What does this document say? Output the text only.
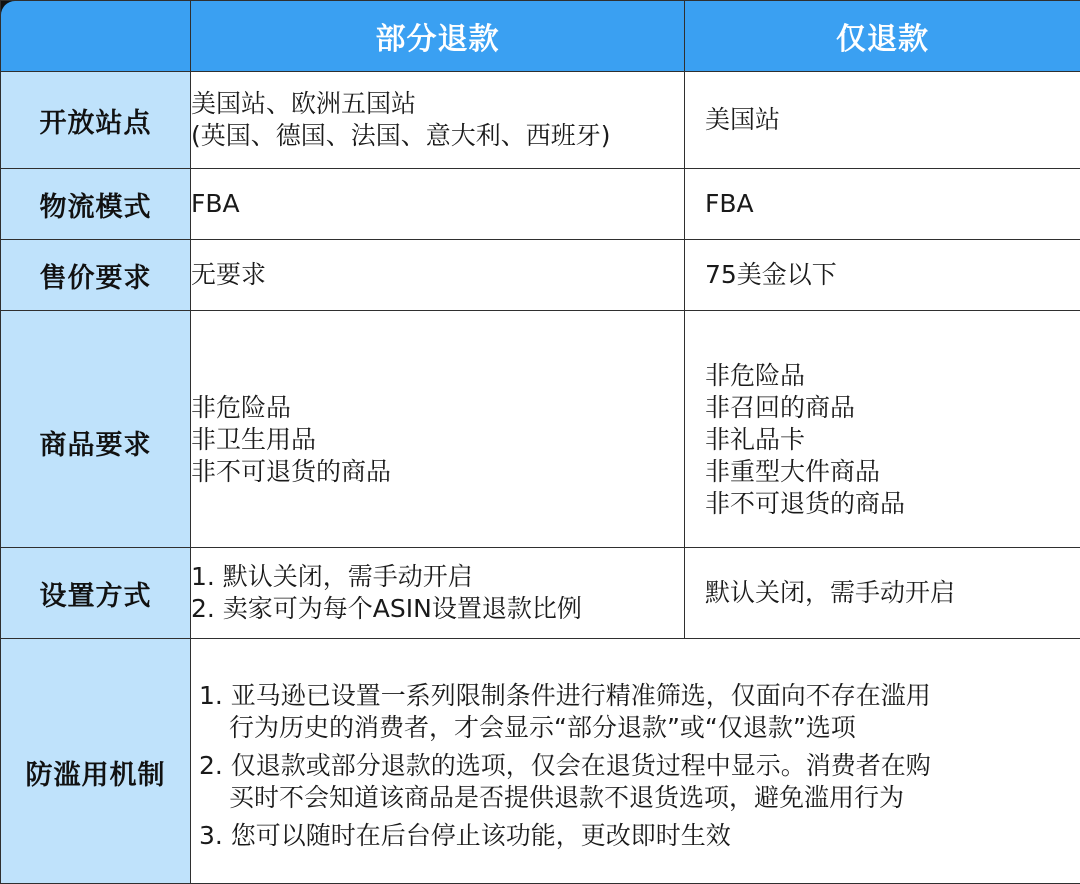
	部分退款	仅退款
开放站点	美国站、欧洲五国站
(英国、德国、法国、意大利、西班牙)	美国站
物流模式	FBA	FBA
售价要求	无要求	75美金以下
商品要求	非危险品
非卫生用品
非不可退货的商品	非危险品
非召回的商品
非礼品卡
非重型大件商品
非不可退货的商品

设置方式	1. 默认关闭，需手动开启
2. 卖家可为每个ASIN设置退款比例	默认关闭，需手动开启
防滥用机制	1. 亚马逊已设置一系列限制条件进行精准筛选，仅面向不存在滥用
行为历史的消费者，才会显示“部分退款”或“仅退款”选项
2. 仅退款或部分退款的选项，仅会在退货过程中显示。消费者在购
买时不会知道该商品是否提供退款不退货选项，避免滥用行为
3. 您可以随时在后台停止该功能，更改即时生效	
